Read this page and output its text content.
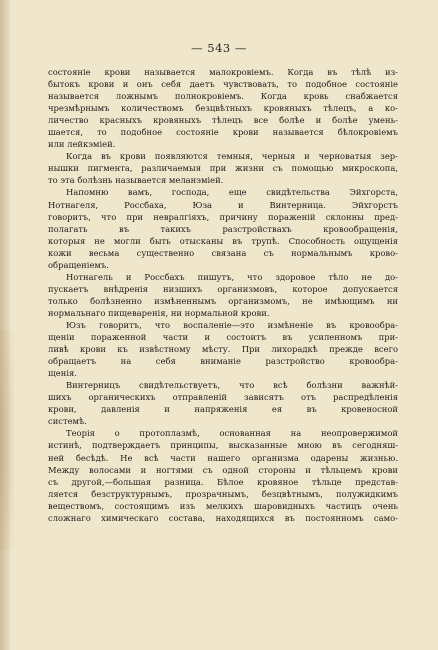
— 543 —
состояніе крови называется малокровіемъ. Когда въ тѣлѣ из-
бытокъ крови и онъ себя даетъ чувствовать, то подобное состояніе
называется ложнымъ полнокровіемъ. Когда кровь снабжается
чрезмѣрнымъ количествомъ безцвѣтныхъ кровяныхъ тѣлецъ, а ко-
личество красныхъ кровяныхъ тѣлецъ все болѣе и болѣе умень-
шается, то подобное состояніе крови называется бѣлокровіемъ
или лейкэміей.
Когда въ крови появляются темныя, черныя и черноватыя зер-
нышки пигмента, различаемыя при жизни съ помощью микроскопа,
то эта болѣзнь называется меланэміей.
Напомню вамъ, господа, еще свидѣтельства Эйхгорста,
Нотнагеля, Россбаха, Юза и Винтерница. Эйхгорстъ
говоритъ, что при невралгіяхъ, причину пораженій склонны пред-
полагать въ такихъ разстройствахъ кровообращенія,
которыя не могли быть отысканы въ трупѣ. Способность ощущенія
кожи весьма существенно связана съ нормальнымъ крово-
обращеніемъ.
Нотнагель и Россбахъ пишутъ, что здоровое тѣло не до-
пускаетъ внѣдренія низшихъ организмовъ, которое допускается
только болѣзненно измѣненнымъ организмомъ, не имѣющимъ ни
нормальнаго пищеваренія, ни нормальной крови.
Юзъ говоритъ, что воспаленіе—это измѣненіе въ кровообра-
щеніи пораженной части и состоитъ въ усиленномъ при-
ливѣ крови къ извѣстному мѣсту. При лихорадкѣ прежде всего
обращаетъ на себя вниманіе разстройство кровообра-
щенія.
Винтерницъ свидѣтельствуетъ, что всѣ болѣзни важнѣй-
шихъ органическихъ отправленій зависятъ отъ распредѣленія
крови, давленія и напряженія ея въ кровеносной
системѣ.
Теорія о протоплазмѣ, основанная на неопровержимой
истинѣ, подтверждаетъ принципы, высказанные мною въ сегодняш-
ней бесѣдѣ. Не всѣ части нашего организма одарены жизнью.
Между волосами и ногтями съ одной стороны и тѣльцемъ крови
съ другой,—большая разница. Бѣлое кровяное тѣльце представ-
ляется безструктурнымъ, прозрачнымъ, безцвѣтнымъ, полужидкимъ
веществомъ, состоящимъ изъ мелкихъ шаровидныхъ частицъ очень
сложнаго химическаго состава, находящихся въ постоянномъ само-
